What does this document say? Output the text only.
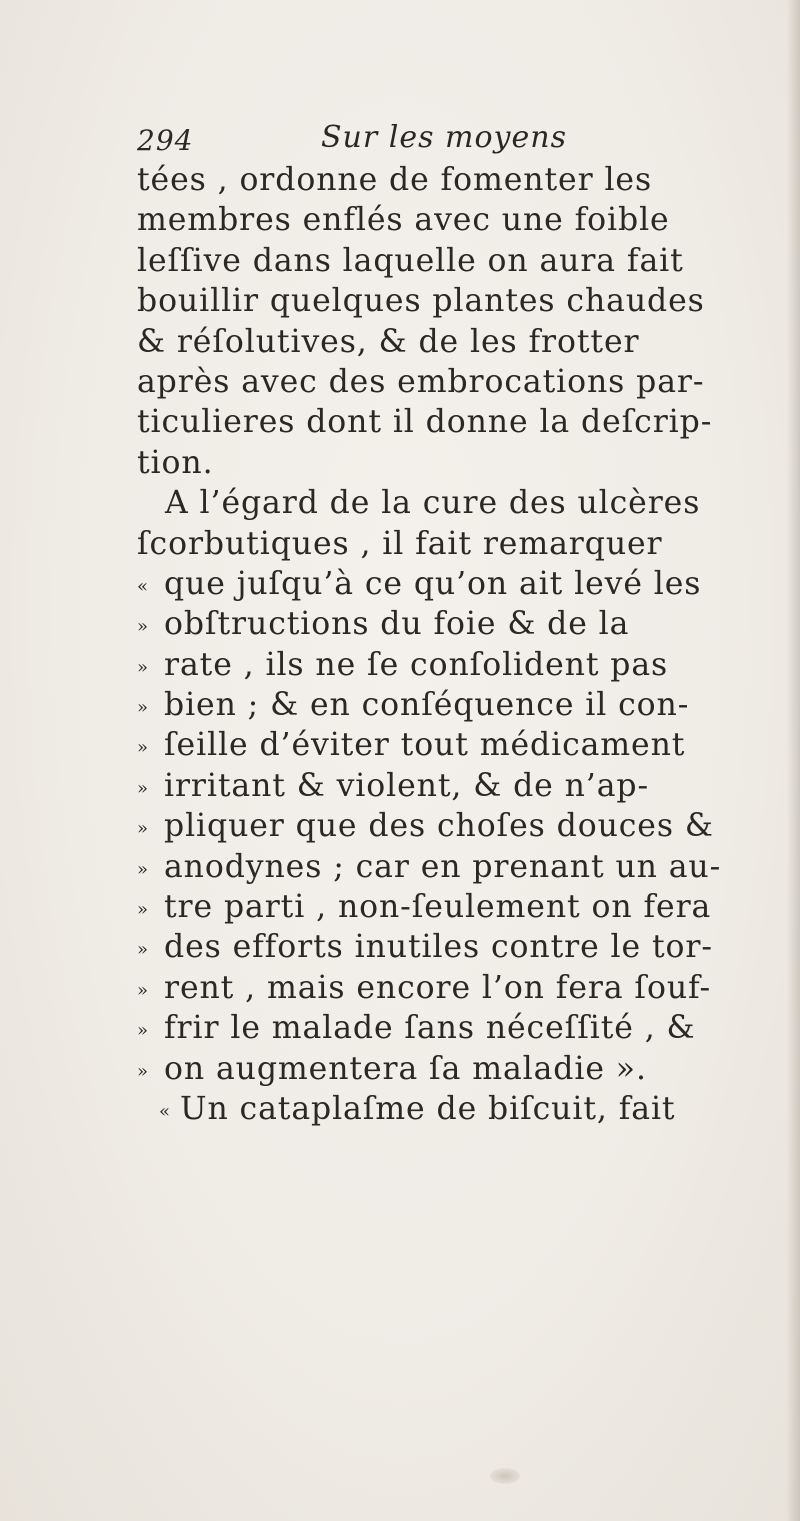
294	Sur les moyens
tées , ordonne de fomenter les
membres enflés avec une foible
leſſive dans laquelle on aura fait
bouillir quelques plantes chaudes
& réſolutives, & de les frotter
après avec des embrocations par-
ticulieres dont il donne la deſcrip-
tion.
A l’égard de la cure des ulcères
ſcorbutiques , il fait remarquer
« que juſqu’à ce qu’on ait levé les
» obſtructions du foie & de la
» rate , ils ne ſe conſolident pas
» bien ; & en conſéquence il con-
» ſeille d’éviter tout médicament
» irritant & violent, & de n’ap-
» pliquer que des choſes douces &
» anodynes ; car en prenant un au-
» tre parti , non-ſeulement on fera
» des efforts inutiles contre le tor-
» rent , mais encore l’on fera ſouf-
» frir le malade ſans néceſſité , &
» on augmentera ſa maladie ».
« Un cataplaſme de biſcuit, fait
